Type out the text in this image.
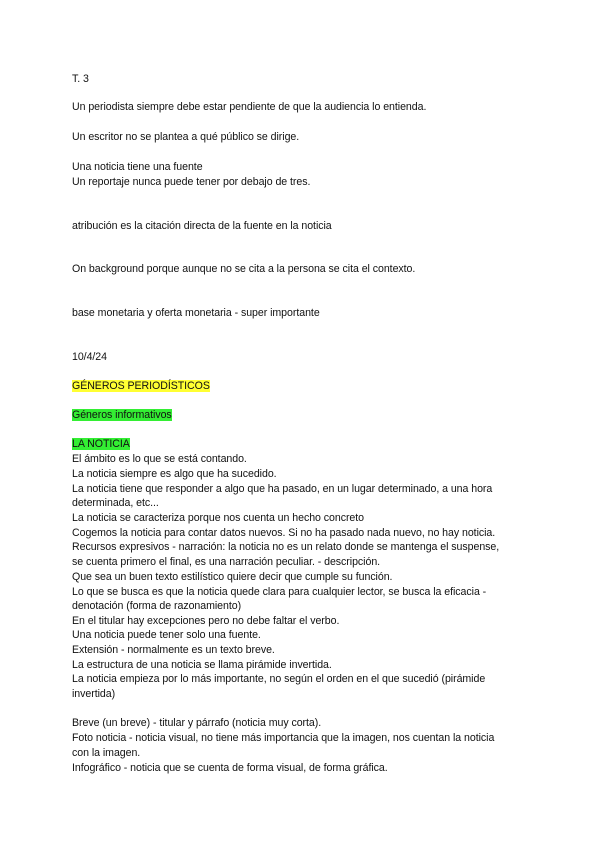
T. 3
Un periodista siempre debe estar pendiente de que la audiencia lo entienda.
Un escritor no se plantea a qué público se dirige.
Una noticia tiene una fuente
Un reportaje nunca puede tener por debajo de tres.
atribución es la citación directa de la fuente en la noticia
On background porque aunque no se cita a la persona se cita el contexto.
base monetaria y oferta monetaria - super importante
10/4/24
GÉNEROS PERIODÍSTICOS
Géneros informativos
LA NOTICIA
El ámbito es lo que se está contando.
La noticia siempre es algo que ha sucedido.
La noticia tiene que responder a algo que ha pasado, en un lugar determinado, a una hora
determinada, etc...
La noticia se caracteriza porque nos cuenta un hecho concreto
Cogemos la noticia para contar datos nuevos. Si no ha pasado nada nuevo, no hay noticia.
Recursos expresivos - narración: la noticia no es un relato donde se mantenga el suspense,
se cuenta primero el final, es una narración peculiar. - descripción.
Que sea un buen texto estilístico quiere decir que cumple su función.
Lo que se busca es que la noticia quede clara para cualquier lector, se busca la eficacia -
denotación (forma de razonamiento)
En el titular hay excepciones pero no debe faltar el verbo.
Una noticia puede tener solo una fuente.
Extensión - normalmente es un texto breve.
La estructura de una noticia se llama pirámide invertida.
La noticia empieza por lo más importante, no según el orden en el que sucedió (pirámide
invertida)
Breve (un breve) - titular y párrafo (noticia muy corta).
Foto noticia - noticia visual, no tiene más importancia que la imagen, nos cuentan la noticia
con la imagen.
Infográfico - noticia que se cuenta de forma visual, de forma gráfica.
